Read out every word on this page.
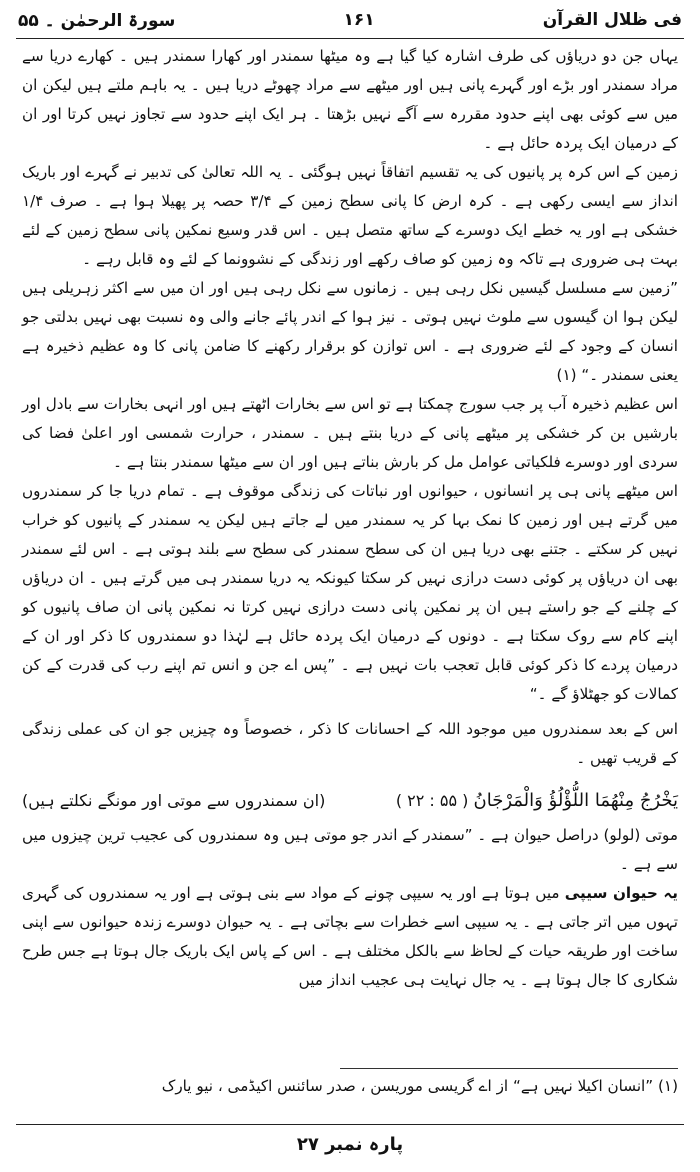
فی ظلال القرآن
۱۶۱
سورۃ الرحمٰن ۔ ۵۵

یہاں جن دو دریاؤں کی طرف اشارہ کیا گیا ہے وہ میٹھا سمندر اور کھارا سمندر ہیں ۔ کھارے دریا سے مراد سمندر اور بڑے اور گہرے پانی ہیں اور میٹھے سے مراد چھوٹے دریا ہیں ۔ یہ باہم ملتے ہیں لیکن ان میں سے کوئی بھی اپنے حدود مقررہ سے آگے نہیں بڑھتا ۔ ہر ایک اپنے حدود سے تجاوز نہیں کرتا اور ان کے درمیان ایک پردہ حائل ہے ۔

زمین کے اس کرہ پر پانیوں کی یہ تقسیم اتفاقاً نہیں ہوگئی ۔ یہ اللہ تعالیٰ کی تدبیر نے گہرے اور باریک انداز سے ایسی رکھی ہے ۔ کرہ ارض کا پانی سطح زمین کے ۳/۴ حصہ پر پھیلا ہوا ہے ۔ صرف ۱/۴ خشکی ہے اور یہ خطے ایک دوسرے کے ساتھ متصل ہیں ۔ اس قدر وسیع نمکین پانی سطح زمین کے لئے بہت ہی ضروری ہے تاکہ وہ زمین کو صاف رکھے اور زندگی کے نشوونما کے لئے وہ قابل رہے ۔

”زمین سے مسلسل گیسیں نکل رہی ہیں ۔ زمانوں سے نکل رہی ہیں اور ان میں سے اکثر زہریلی ہیں لیکن ہوا ان گیسوں سے ملوث نہیں ہوتی ۔ نیز ہوا کے اندر پائے جانے والی وہ نسبت بھی نہیں بدلتی جو انسان کے وجود کے لئے ضروری ہے ۔ اس توازن کو برقرار رکھنے کا ضامن پانی کا وہ عظیم ذخیرہ ہے یعنی سمندر ۔“ (۱)

اس عظیم ذخیرہ آب پر جب سورج چمکتا ہے تو اس سے بخارات اٹھتے ہیں اور انہی بخارات سے بادل اور بارشیں بن کر خشکی پر میٹھے پانی کے دریا بنتے ہیں ۔ سمندر ، حرارت شمسی اور اعلیٰ فضا کی سردی اور دوسرے فلکیاتی عوامل مل کر بارش بناتے ہیں اور ان سے میٹھا سمندر بنتا ہے ۔

اس میٹھے پانی ہی پر انسانوں ، حیوانوں اور نباتات کی زندگی موقوف ہے ۔ تمام دریا جا کر سمندروں میں گرتے ہیں اور زمین کا نمک بہا کر یہ سمندر میں لے جاتے ہیں لیکن یہ سمندر کے پانیوں کو خراب نہیں کر سکتے ۔ جتنے بھی دریا ہیں ان کی سطح سمندر کی سطح سے بلند ہوتی ہے ۔ اس لئے سمندر بھی ان دریاؤں پر کوئی دست درازی نہیں کر سکتا کیونکہ یہ دریا سمندر ہی میں گرتے ہیں ۔ ان دریاؤں کے چلنے کے جو راستے ہیں ان پر نمکین پانی دست درازی نہیں کرتا نہ نمکین پانی ان صاف پانیوں کو اپنے کام سے روک سکتا ہے ۔ دونوں کے درمیان ایک پردہ حائل ہے لہٰذا دو سمندروں کا ذکر اور ان کے درمیان پردے کا ذکر کوئی قابل تعجب بات نہیں ہے ۔ ”پس اے جن و انس تم اپنے رب کی قدرت کے کن کمالات کو جھٹلاؤ گے ۔“

اس کے بعد سمندروں میں موجود اللہ کے احسانات کا ذکر ، خصوصاً وہ چیزیں جو ان کی عملی زندگی کے قریب تھیں ۔

یَخْرُجُ مِنْهُمَا اللُّؤْلُؤُ وَالْمَرْجَانُ ( ۵۵ : ۲۲ )
(ان سمندروں سے موتی اور مونگے نکلتے ہیں)

موتی (لولو) دراصل حیوان ہے ۔ ”سمندر کے اندر جو موتی ہیں وہ سمندروں کی عجیب ترین چیزوں میں سے ہے ۔

یہ حیوان سیپی میں ہوتا ہے اور یہ سیپی چونے کے مواد سے بنی ہوتی ہے اور یہ سمندروں کی گہری تہوں میں اتر جاتی ہے ۔ یہ سیپی اسے خطرات سے بچاتی ہے ۔ یہ حیوان دوسرے زندہ حیوانوں سے اپنی ساخت اور طریقہ حیات کے لحاظ سے بالکل مختلف ہے ۔ اس کے پاس ایک باریک جال ہوتا ہے جس طرح شکاری کا جال ہوتا ہے ۔ یہ جال نہایت ہی عجیب انداز میں

(۱) ”انسان اکیلا نہیں ہے“ از اے گریسی موریسن ، صدر سائنس اکیڈمی ، نیو یارک
پارہ نمبر ۲۷
